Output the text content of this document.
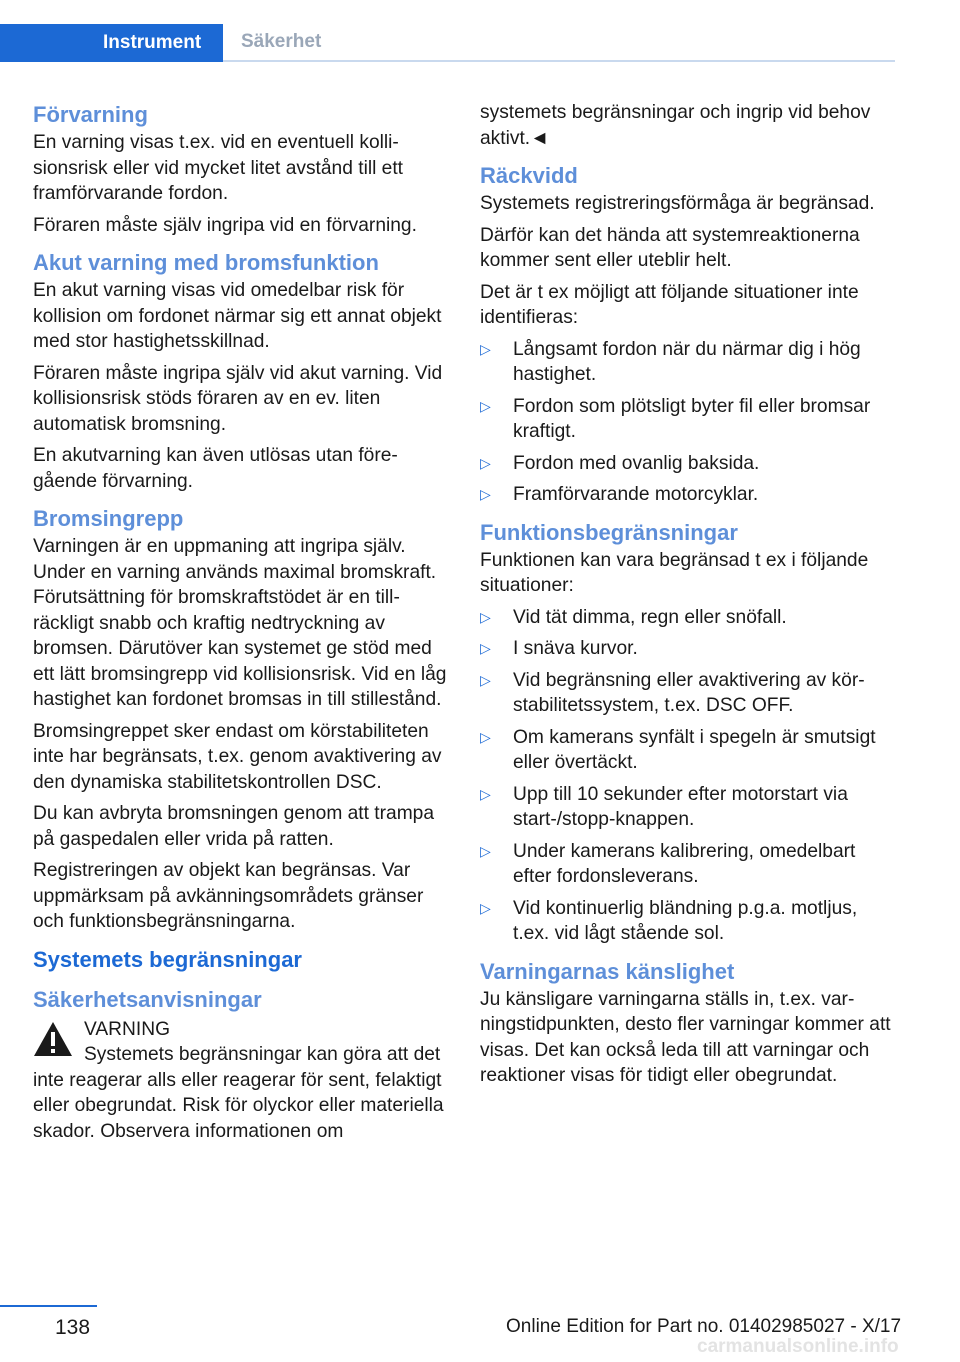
Instrument	Säkerhet
Förvarning

En varning visas t.ex. vid en eventuell kollisionsrisk eller vid mycket litet avstånd till ett framförvarande fordon.

Föraren måste själv ingripa vid en förvarning.

Akut varning med bromsfunktion

En akut varning visas vid omedelbar risk för kollision om fordonet närmar sig ett annat objekt med stor hastighetsskillnad.

Föraren måste ingripa själv vid akut varning. Vid kollisionsrisk stöds föraren av en ev. liten automatisk bromsning.

En akutvarning kan även utlösas utan föregående förvarning.

Bromsingrepp

Varningen är en uppmaning att ingripa själv. Under en varning används maximal bromskraft. Förutsättning för bromskraftstödet är en tillräckligt snabb och kraftig nedtryckning av bromsen. Därutöver kan systemet ge stöd med ett lätt bromsingrepp vid kollisionsrisk. Vid en låg hastighet kan fordonet bromsas in till stillestånd.

Bromsingreppet sker endast om körstabiliteten inte har begränsats, t.ex. genom avaktivering av den dynamiska stabilitetskontrollen DSC.

Du kan avbryta bromsningen genom att trampa på gaspedalen eller vrida på ratten.

Registreringen av objekt kan begränsas. Var uppmärksam på avkänningsområdets gränser och funktionsbegränsningarna.

Systemets begränsningar
Säkerhetsanvisningar
VARNING

Systemets begränsningar kan göra att det inte reagerar alls eller reagerar för sent, felaktigt eller obegrundat. Risk för olyckor eller materiella skador. Observera informationen om

systemets begränsningar och ingrip vid behov aktivt.◄

Räckvidd

Systemets registreringsförmåga är begränsad.

Därför kan det hända att systemreaktionerna kommer sent eller uteblir helt.

Det är t ex möjligt att följande situationer inte identifieras:

▷ Långsamt fordon när du närmar dig i hög hastighet.
▷ Fordon som plötsligt byter fil eller bromsar kraftigt.
▷ Fordon med ovanlig baksida.
▷ Framförvarande motorcyklar.
Funktionsbegränsningar

Funktionen kan vara begränsad t ex i följande situationer:

▷ Vid tät dimma, regn eller snöfall.
▷ I snäva kurvor.
▷ Vid begränsning eller avaktivering av körstabilitetssystem, t.ex. DSC OFF.
▷ Om kamerans synfält i spegeln är smutsigt eller övertäckt.
▷ Upp till 10 sekunder efter motorstart via start-/stopp-knappen.
▷ Under kamerans kalibrering, omedelbart efter fordonsleverans.
▷ Vid kontinuerlig bländning p.g.a. motljus, t.ex. vid lågt stående sol.
Varningarnas känslighet

Ju känsligare varningarna ställs in, t.ex. varningstidpunkten, desto fler varningar kommer att visas. Det kan också leda till att varningar och reaktioner visas för tidigt eller obegrundat.

138	Online Edition for Part no. 01402985027 - X/17
carmanualsonline.info
